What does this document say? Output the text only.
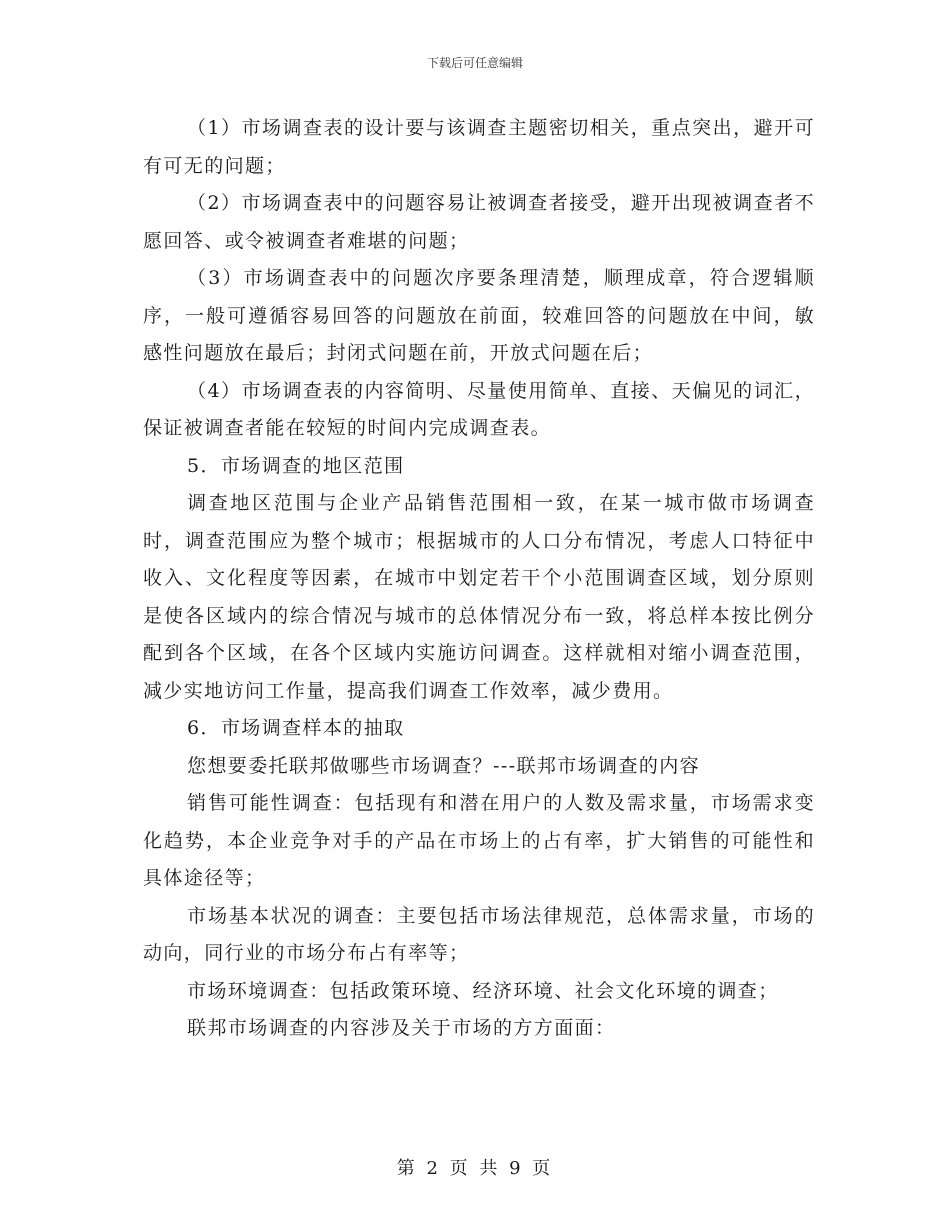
下载后可任意编辑

（1）市场调查表的设计要与该调查主题密切相关，重点突出，避开可有可无的问题；

（2）市场调查表中的问题容易让被调查者接受，避开出现被调查者不愿回答、或令被调查者难堪的问题；

（3）市场调查表中的问题次序要条理清楚，顺理成章，符合逻辑顺序，一般可遵循容易回答的问题放在前面，较难回答的问题放在中间，敏感性问题放在最后；封闭式问题在前，开放式问题在后；

（4）市场调查表的内容简明、尽量使用简单、直接、天偏见的词汇，保证被调查者能在较短的时间内完成调查表。

5．市场调查的地区范围

调查地区范围与企业产品销售范围相一致，在某一城市做市场调查时，调查范围应为整个城市；根据城市的人口分布情况，考虑人口特征中收入、文化程度等因素，在城市中划定若干个小范围调查区域，划分原则是使各区域内的综合情况与城市的总体情况分布一致，将总样本按比例分配到各个区域，在各个区域内实施访问调查。这样就相对缩小调查范围，减少实地访问工作量，提高我们调查工作效率，减少费用。

6．市场调查样本的抽取

您想要委托联邦做哪些市场调查？---联邦市场调查的内容

销售可能性调查：包括现有和潜在用户的人数及需求量，市场需求变化趋势，本企业竞争对手的产品在市场上的占有率，扩大销售的可能性和具体途径等；

市场基本状况的调查：主要包括市场法律规范，总体需求量，市场的动向，同行业的市场分布占有率等；

市场环境调查：包括政策环境、经济环境、社会文化环境的调查；

联邦市场调查的内容涉及关于市场的方方面面：

第 2 页 共 9 页
